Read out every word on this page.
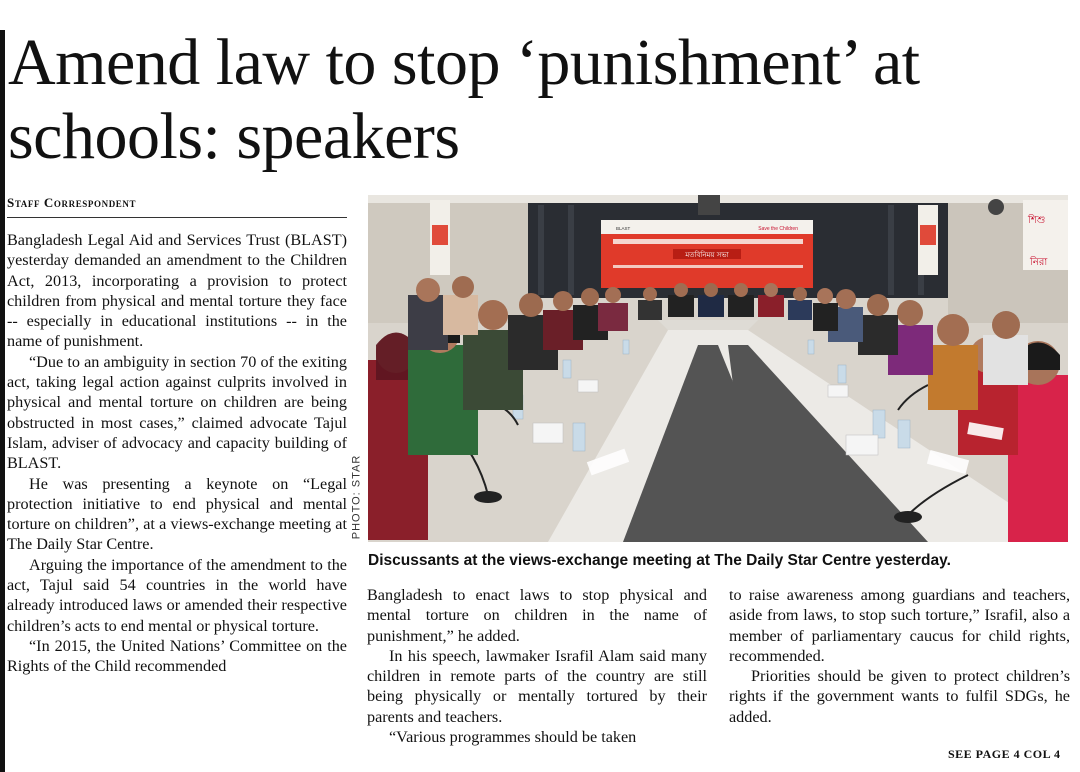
Amend law to stop ‘punishment’ at schools: speakers
Staff Correspondent

Bangladesh Legal Aid and Services Trust (BLAST) yesterday demanded an amendment to the Children Act, 2013, incorporating a provision to protect children from physical and mental torture they face -- especially in educational institutions -- in the name of punishment.

“Due to an ambiguity in section 70 of the exiting act, taking legal action against culprits involved in physical and mental torture on children are being obstructed in most cases,” claimed advocate Tajul Islam, adviser of advocacy and capacity building of BLAST.

He was presenting a keynote on “Legal protection initiative to end physical and mental torture on children”, at a views-exchange meeting at The Daily Star Centre.

Arguing the importance of the amendment to the act, Tajul said 54 countries in the world have already introduced laws or amended their respective children’s acts to end mental or physical torture.

“In 2015, the United Nations’ Committee on the Rights of the Child recommended

PHOTO: STAR
Save the Children
BLAST
মতবিনিময় সভা
শিশু
নিরা

Discussants at the views-exchange meeting at The Daily Star Centre yesterday.

Bangladesh to enact laws to stop physical and mental torture on children in the name of punishment,” he added.

In his speech, lawmaker Israfil Alam said many children in remote parts of the country are still being physically or mentally tortured by their parents and teachers.

“Various programmes should be taken

to raise awareness among guardians and teachers, aside from laws, to stop such torture,” Israfil, also a member of parliamentary caucus for child rights, recommended.

Priorities should be given to protect children’s rights if the government wants to fulfil SDGs, he added.

SEE PAGE 4 COL 4
